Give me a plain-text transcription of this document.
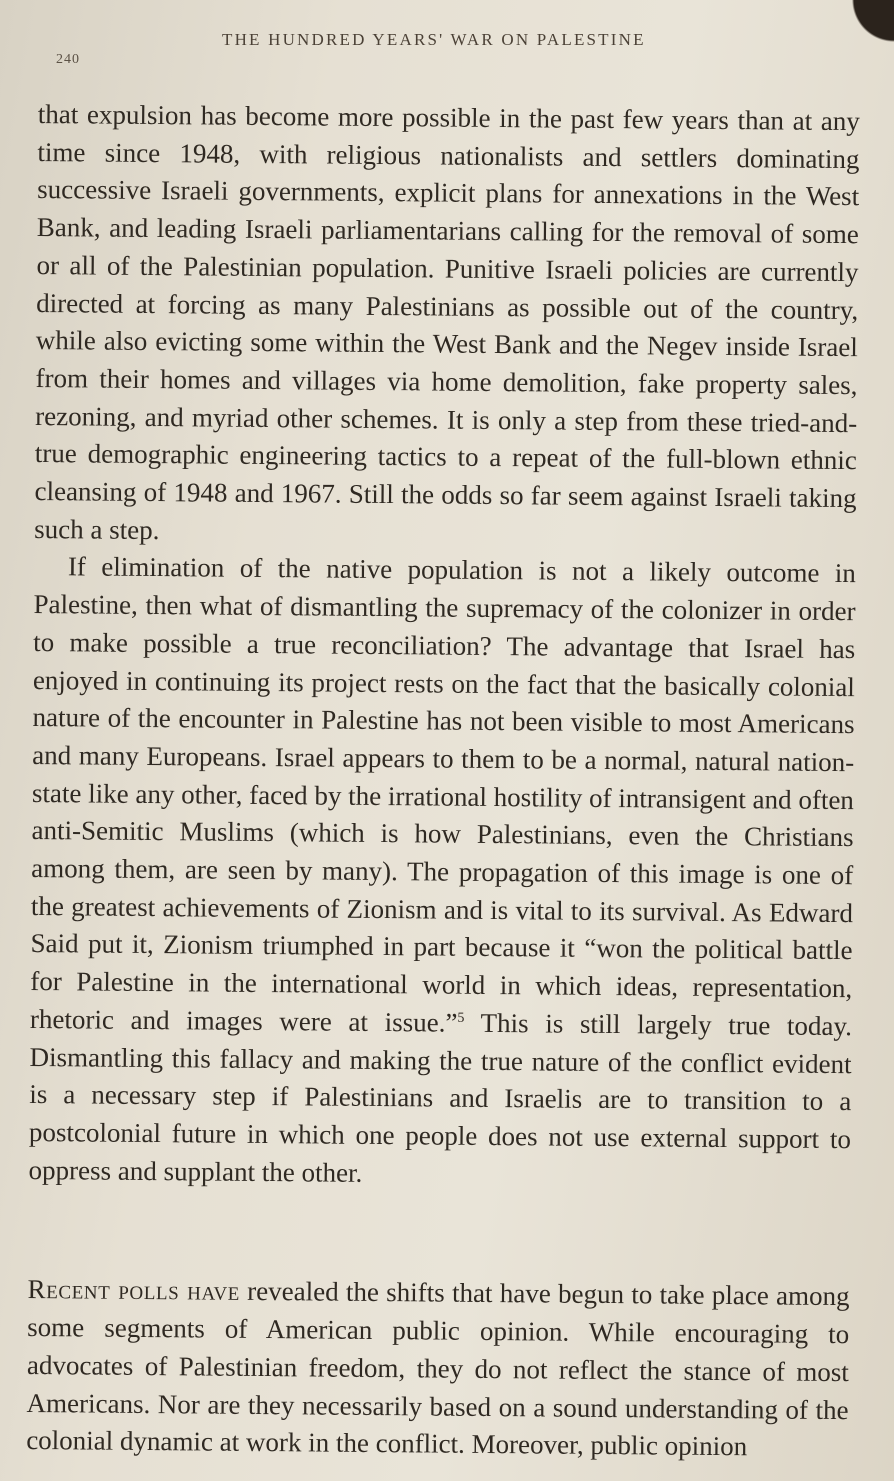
240
THE HUNDRED YEARS' WAR ON PALESTINE

that expulsion has become more possible in the past few years than at any time since 1948, with religious nationalists and settlers dominating successive Israeli governments, explicit plans for annexations in the West Bank, and leading Israeli parliamentarians calling for the removal of some or all of the Palestinian population. Punitive Israeli policies are currently directed at forcing as many Palestinians as possible out of the country, while also evicting some within the West Bank and the Negev inside Israel from their homes and villages via home demolition, fake property sales, rezoning, and myriad other schemes. It is only a step from these tried-and-true demographic engineering tactics to a repeat of the full-blown ethnic cleansing of 1948 and 1967. Still the odds so far seem against Israeli taking such a step.

If elimination of the native population is not a likely outcome in Palestine, then what of dismantling the supremacy of the colonizer in order to make possible a true reconciliation? The advantage that Israel has enjoyed in continuing its project rests on the fact that the basically colonial nature of the encounter in Palestine has not been visible to most Americans and many Europeans. Israel appears to them to be a normal, natural nation-state like any other, faced by the irrational hostility of intransigent and often anti-Semitic Muslims (which is how Palestinians, even the Christians among them, are seen by many). The propagation of this image is one of the greatest achievements of Zionism and is vital to its survival. As Edward Said put it, Zionism triumphed in part because it “won the political battle for Palestine in the international world in which ideas, representation, rhetoric and images were at issue.”$^5$ This is still largely true today. Dismantling this fallacy and making the true nature of the conflict evident is a necessary step if Palestinians and Israelis are to transition to a postcolonial future in which one people does not use external support to oppress and supplant the other.

Recent polls have revealed the shifts that have begun to take place among some segments of American public opinion. While encouraging to advocates of Palestinian freedom, they do not reflect the stance of most Americans. Nor are they necessarily based on a sound understanding of the colonial dynamic at work in the conflict. Moreover, public opinion
